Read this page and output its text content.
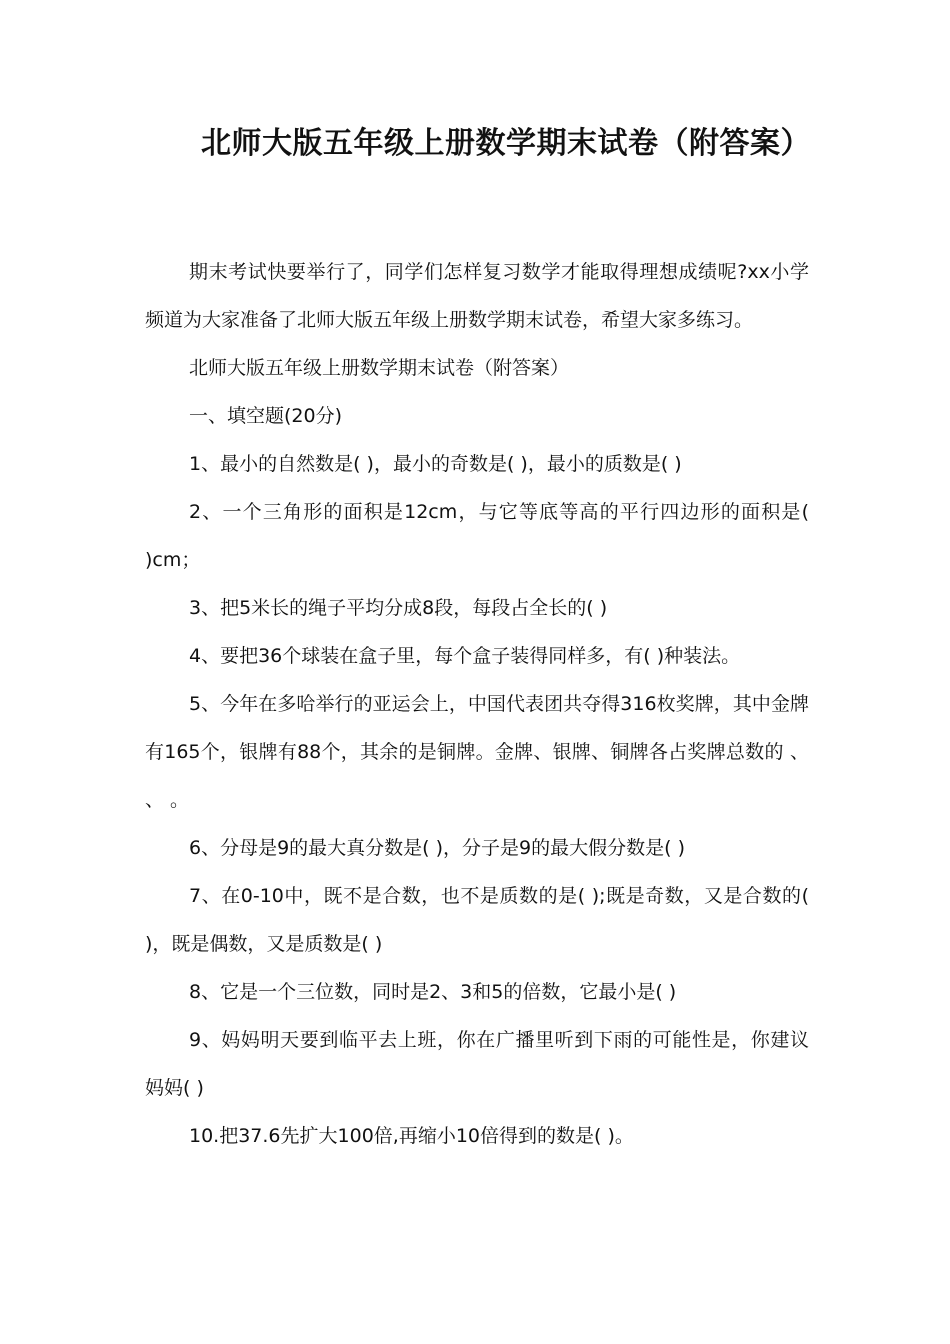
北师大版五年级上册数学期末试卷（附答案）

期末考试快要举行了，同学们怎样复习数学才能取得理想成绩呢?xx小学频道为大家准备了北师大版五年级上册数学期末试卷，希望大家多练习。

北师大版五年级上册数学期末试卷（附答案）

一、填空题(20分)

1、最小的自然数是( )，最小的奇数是( )，最小的质数是( )

2、一个三角形的面积是12cm，与它等底等高的平行四边形的面积是( )cm；

3、把5米长的绳子平均分成8段，每段占全长的( )

4、要把36个球装在盒子里，每个盒子装得同样多，有( )种装法。

5、今年在多哈举行的亚运会上，中国代表团共夺得316枚奖牌，其中金牌有165个，银牌有88个，其余的是铜牌。金牌、银牌、铜牌各占奖牌总数的 、 、 。

6、分母是9的最大真分数是( )，分子是9的最大假分数是( )

7、在0-10中，既不是合数，也不是质数的是( );既是奇数，又是合数的( )，既是偶数，又是质数是( )

8、它是一个三位数，同时是2、3和5的倍数，它最小是( )

9、妈妈明天要到临平去上班，你在广播里听到下雨的可能性是，你建议妈妈( )

10.把37.6先扩大100倍,再缩小10倍得到的数是( )。
